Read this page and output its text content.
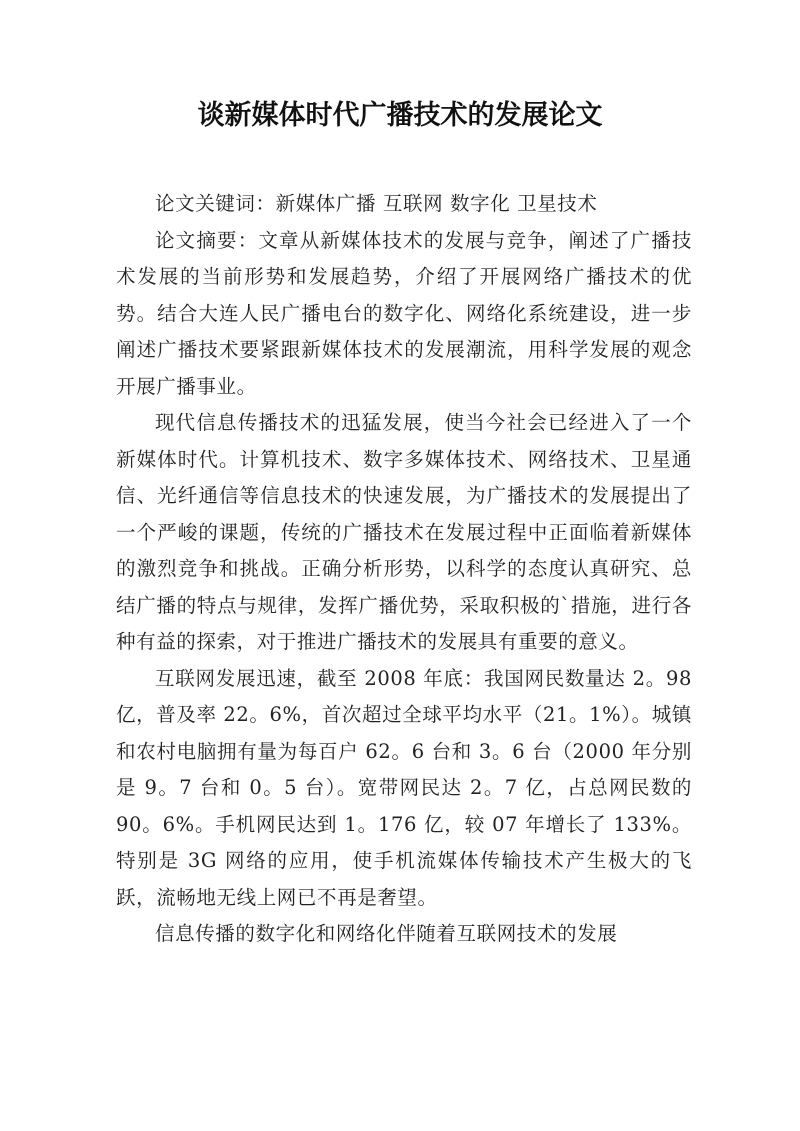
谈新媒体时代广播技术的发展论文

论文关键词：新媒体广播 互联网 数字化 卫星技术

论文摘要：文章从新媒体技术的发展与竞争，阐述了广播技术发展的当前形势和发展趋势，介绍了开展网络广播技术的优势。结合大连人民广播电台的数字化、网络化系统建设，进一步阐述广播技术要紧跟新媒体技术的发展潮流，用科学发展的观念开展广播事业。

现代信息传播技术的迅猛发展，使当今社会已经进入了一个新媒体时代。计算机技术、数字多媒体技术、网络技术、卫星通信、光纤通信等信息技术的快速发展，为广播技术的发展提出了一个严峻的课题，传统的广播技术在发展过程中正面临着新媒体的激烈竞争和挑战。正确分析形势，以科学的态度认真研究、总结广播的特点与规律，发挥广播优势，采取积极的`措施，进行各种有益的探索，对于推进广播技术的发展具有重要的意义。

互联网发展迅速，截至 2008 年底：我国网民数量达 2。98 亿，普及率 22。6%，首次超过全球平均水平（21。1%）。城镇和农村电脑拥有量为每百户 62。6 台和 3。6 台（2000 年分别是 9。7 台和 0。5 台）。宽带网民达 2。7 亿，占总网民数的 90。6%。手机网民达到 1。176 亿，较 07 年增长了 133%。特别是 3G 网络的应用，使手机流媒体传输技术产生极大的飞跃，流畅地无线上网已不再是奢望。

信息传播的数字化和网络化伴随着互联网技术的发展
